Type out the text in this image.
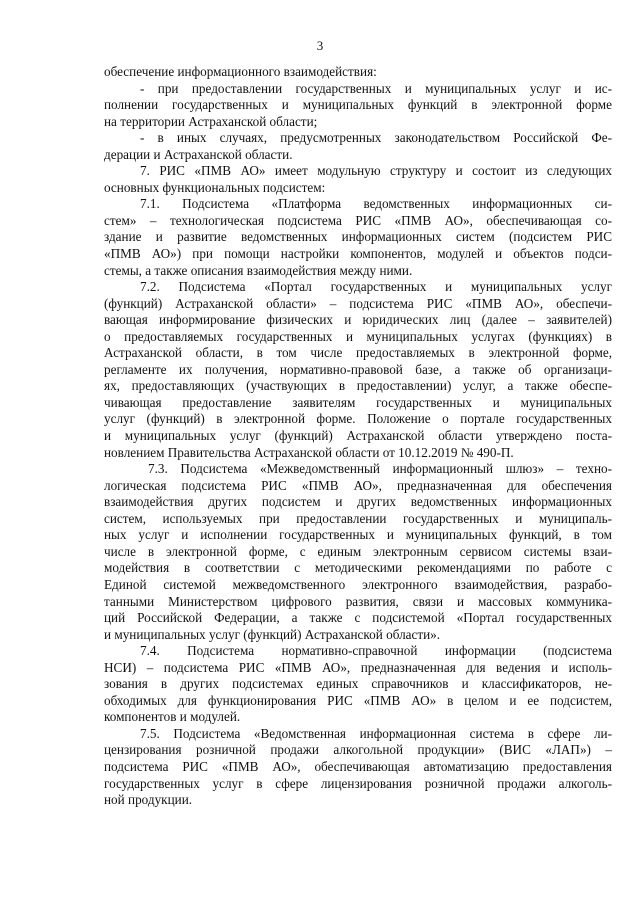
3
обеспечение информационного взаимодействия:
- при предоставлении государственных и муниципальных услуг и ис-
полнении государственных и муниципальных функций в электронной форме
на территории Астраханской области;
- в иных случаях, предусмотренных законодательством Российской Фе-
дерации и Астраханской области.
7. РИС «ПМВ АО» имеет модульную структуру и состоит из следующих
основных функциональных подсистем:
7.1. Подсистема «Платформа ведомственных информационных си-
стем» – технологическая подсистема РИС «ПМВ АО», обеспечивающая со-
здание и развитие ведомственных информационных систем (подсистем РИС
«ПМВ АО») при помощи настройки компонентов, модулей и объектов подси-
стемы, а также описания взаимодействия между ними.
7.2. Подсистема «Портал государственных и муниципальных услуг
(функций) Астраханской области» – подсистема РИС «ПМВ АО», обеспечи-
вающая информирование физических и юридических лиц (далее – заявителей)
о предоставляемых государственных и муниципальных услугах (функциях) в
Астраханской области, в том числе предоставляемых в электронной форме,
регламенте их получения, нормативно-правовой базе, а также об организаци-
ях, предоставляющих (участвующих в предоставлении) услуг, а также обеспе-
чивающая предоставление заявителям государственных и муниципальных
услуг (функций) в электронной форме. Положение о портале государственных
и муниципальных услуг (функций) Астраханской области утверждено поста-
новлением Правительства Астраханской области от 10.12.2019 № 490-П.
7.3. Подсистема «Межведомственный информационный шлюз» – техно-
логическая подсистема РИС «ПМВ АО», предназначенная для обеспечения
взаимодействия других подсистем и других ведомственных информационных
систем, используемых при предоставлении государственных и муниципаль-
ных услуг и исполнении государственных и муниципальных функций, в том
числе в электронной форме, с единым электронным сервисом системы взаи-
модействия в соответствии с методическими рекомендациями по работе с
Единой системой межведомственного электронного взаимодействия, разрабо-
танными Министерством цифрового развития, связи и массовых коммуника-
ций Российской Федерации, а также с подсистемой «Портал государственных
и муниципальных услуг (функций) Астраханской области».
7.4. Подсистема нормативно-справочной информации (подсистема
НСИ) – подсистема РИС «ПМВ АО», предназначенная для ведения и исполь-
зования в других подсистемах единых справочников и классификаторов, не-
обходимых для функционирования РИС «ПМВ АО» в целом и ее подсистем,
компонентов и модулей.
7.5. Подсистема «Ведомственная информационная система в сфере ли-
цензирования розничной продажи алкогольной продукции» (ВИС «ЛАП») –
подсистема РИС «ПМВ АО», обеспечивающая автоматизацию предоставления
государственных услуг в сфере лицензирования розничной продажи алкоголь-
ной продукции.
